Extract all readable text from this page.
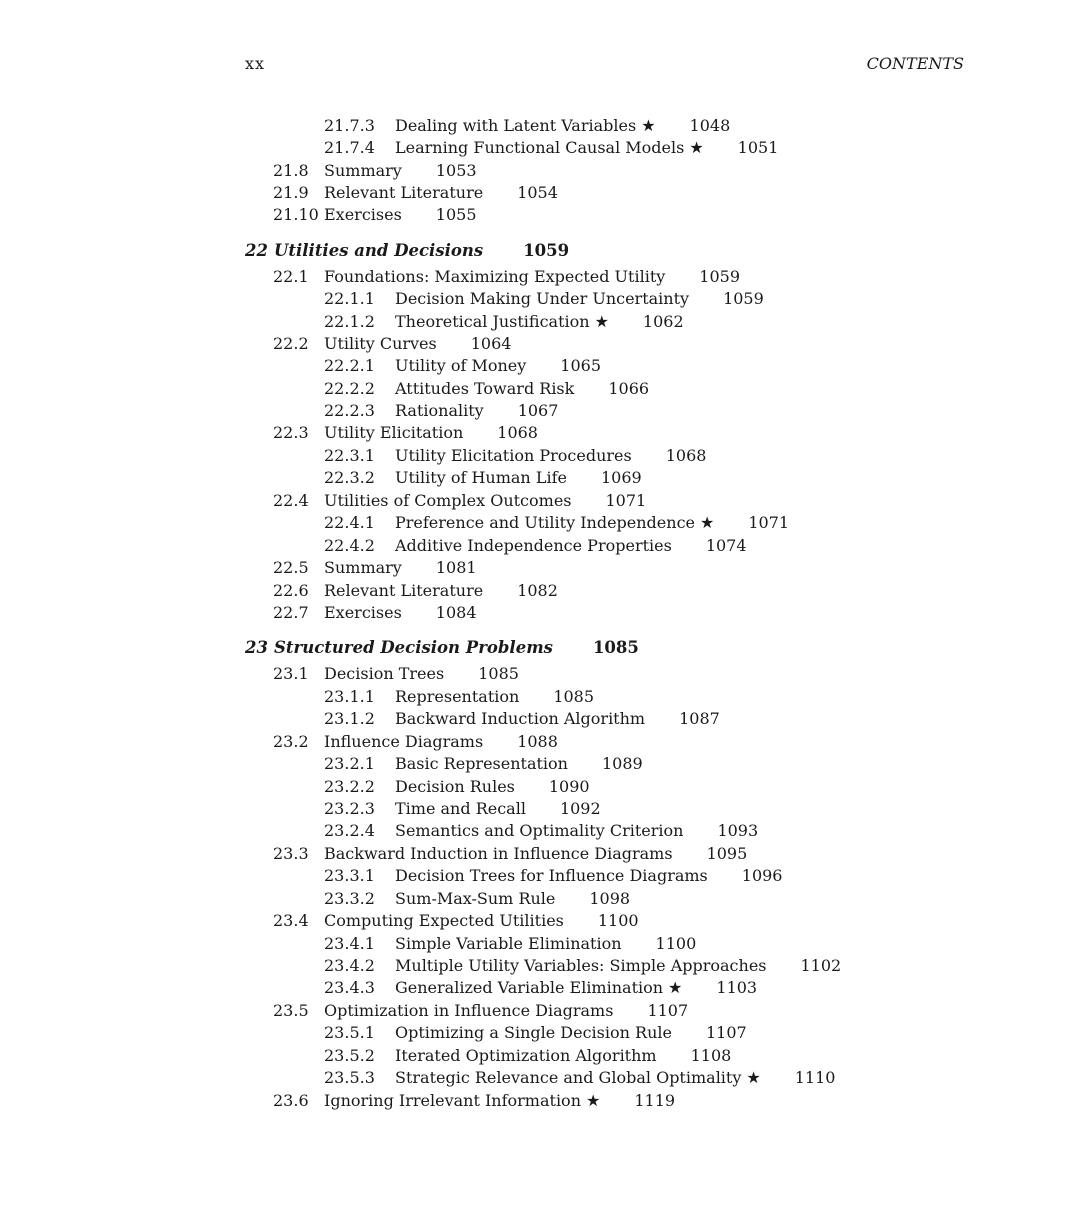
xx	CONTENTS
21.7.3 Dealing with Latent Variables ★ 1048
21.7.4 Learning Functional Causal Models ★ 1051
21.8 Summary 1053
21.9 Relevant Literature 1054
21.10 Exercises 1055
22 Utilities and Decisions 1059
22.1 Foundations: Maximizing Expected Utility 1059
22.1.1 Decision Making Under Uncertainty 1059
22.1.2 Theoretical Justification ★ 1062
22.2 Utility Curves 1064
22.2.1 Utility of Money 1065
22.2.2 Attitudes Toward Risk 1066
22.2.3 Rationality 1067
22.3 Utility Elicitation 1068
22.3.1 Utility Elicitation Procedures 1068
22.3.2 Utility of Human Life 1069
22.4 Utilities of Complex Outcomes 1071
22.4.1 Preference and Utility Independence ★ 1071
22.4.2 Additive Independence Properties 1074
22.5 Summary 1081
22.6 Relevant Literature 1082
22.7 Exercises 1084
23 Structured Decision Problems 1085
23.1 Decision Trees 1085
23.1.1 Representation 1085
23.1.2 Backward Induction Algorithm 1087
23.2 Influence Diagrams 1088
23.2.1 Basic Representation 1089
23.2.2 Decision Rules 1090
23.2.3 Time and Recall 1092
23.2.4 Semantics and Optimality Criterion 1093
23.3 Backward Induction in Influence Diagrams 1095
23.3.1 Decision Trees for Influence Diagrams 1096
23.3.2 Sum-Max-Sum Rule 1098
23.4 Computing Expected Utilities 1100
23.4.1 Simple Variable Elimination 1100
23.4.2 Multiple Utility Variables: Simple Approaches 1102
23.4.3 Generalized Variable Elimination ★ 1103
23.5 Optimization in Influence Diagrams 1107
23.5.1 Optimizing a Single Decision Rule 1107
23.5.2 Iterated Optimization Algorithm 1108
23.5.3 Strategic Relevance and Global Optimality ★ 1110
23.6 Ignoring Irrelevant Information ★ 1119
